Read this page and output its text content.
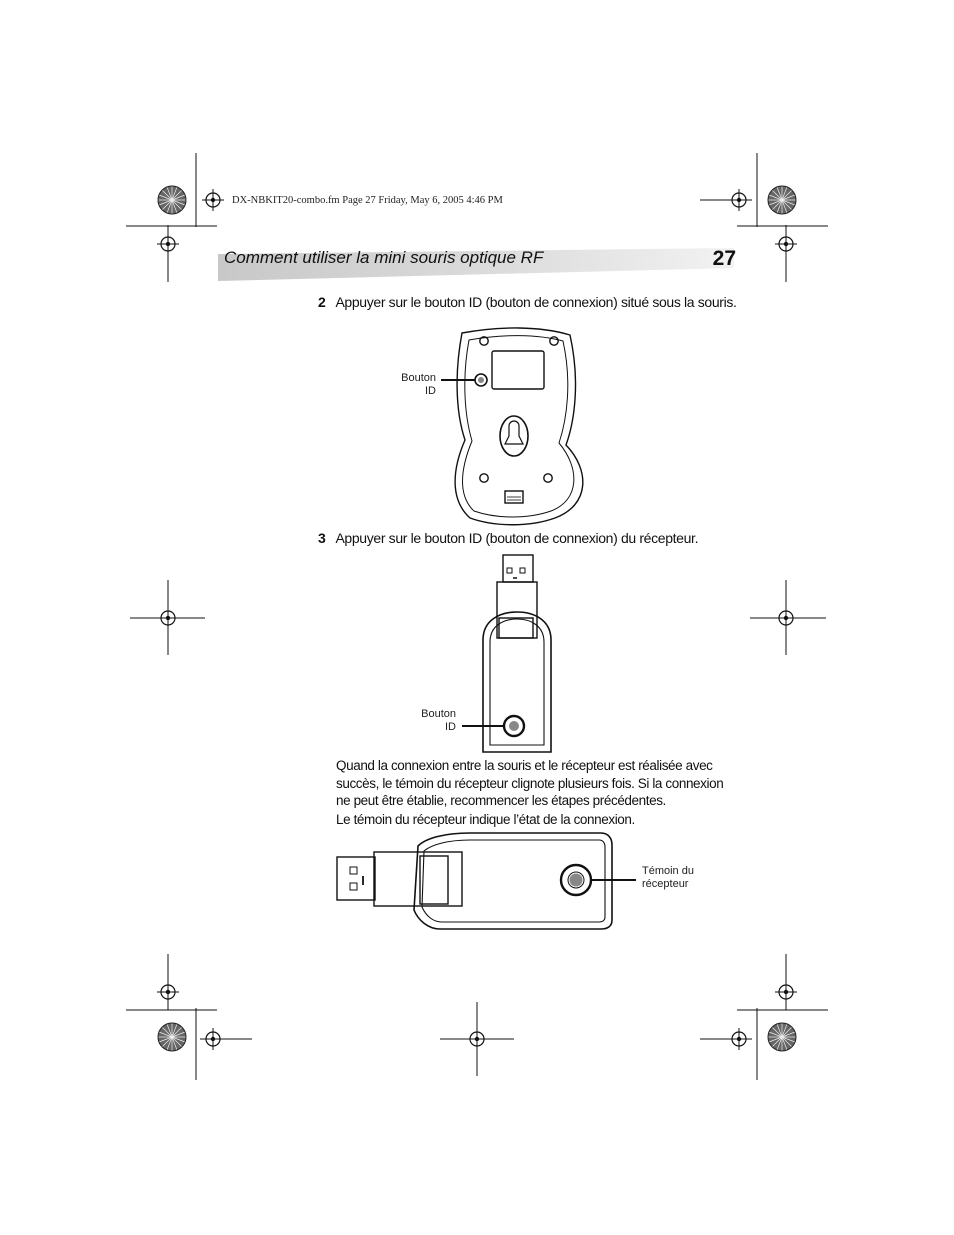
DX-NBKIT20-combo.fm Page 27 Friday, May 6, 2005 4:46 PM
Comment utiliser la mini souris optique RF	27
2 Appuyer sur le bouton ID (bouton de connexion) situé sous la souris.
Bouton
ID
3 Appuyer sur le bouton ID (bouton de connexion) du récepteur.
Bouton
ID
Quand la connexion entre la souris et le récepteur est réalisée avec succès, le témoin du récepteur clignote plusieurs fois. Si la connexion ne peut être établie, recommencer les étapes précédentes.
Le témoin du récepteur indique l’état de la connexion.
Témoin du
récepteur
